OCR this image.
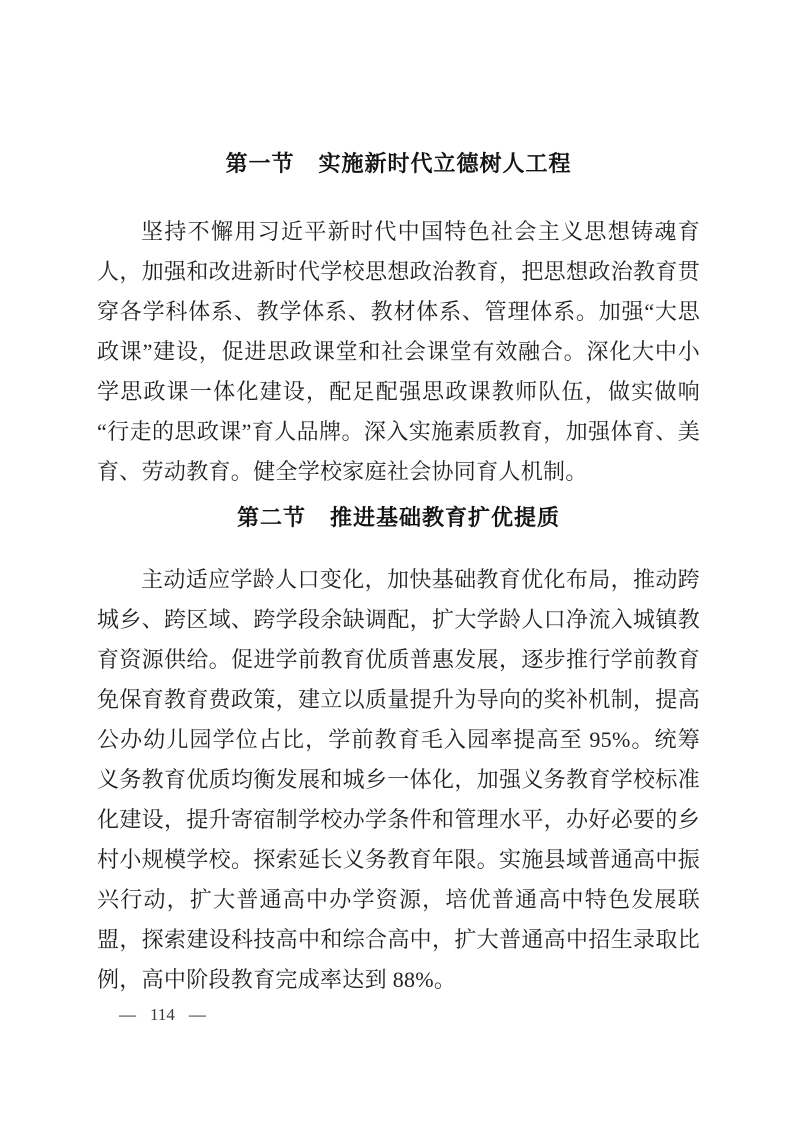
第一节 实施新时代立德树人工程

坚持不懈用习近平新时代中国特色社会主义思想铸魂育人，加强和改进新时代学校思想政治教育，把思想政治教育贯穿各学科体系、教学体系、教材体系、管理体系。加强“大思政课”建设，促进思政课堂和社会课堂有效融合。深化大中小学思政课一体化建设，配足配强思政课教师队伍，做实做响“行走的思政课”育人品牌。深入实施素质教育，加强体育、美育、劳动教育。健全学校家庭社会协同育人机制。

第二节 推进基础教育扩优提质

主动适应学龄人口变化，加快基础教育优化布局，推动跨城乡、跨区域、跨学段余缺调配，扩大学龄人口净流入城镇教育资源供给。促进学前教育优质普惠发展，逐步推行学前教育免保育教育费政策，建立以质量提升为导向的奖补机制，提高公办幼儿园学位占比，学前教育毛入园率提高至 95%。统筹义务教育优质均衡发展和城乡一体化，加强义务教育学校标准化建设，提升寄宿制学校办学条件和管理水平，办好必要的乡村小规模学校。探索延长义务教育年限。实施县域普通高中振兴行动，扩大普通高中办学资源，培优普通高中特色发展联盟，探索建设科技高中和综合高中，扩大普通高中招生录取比例，高中阶段教育完成率达到 88%。

— 114 —
